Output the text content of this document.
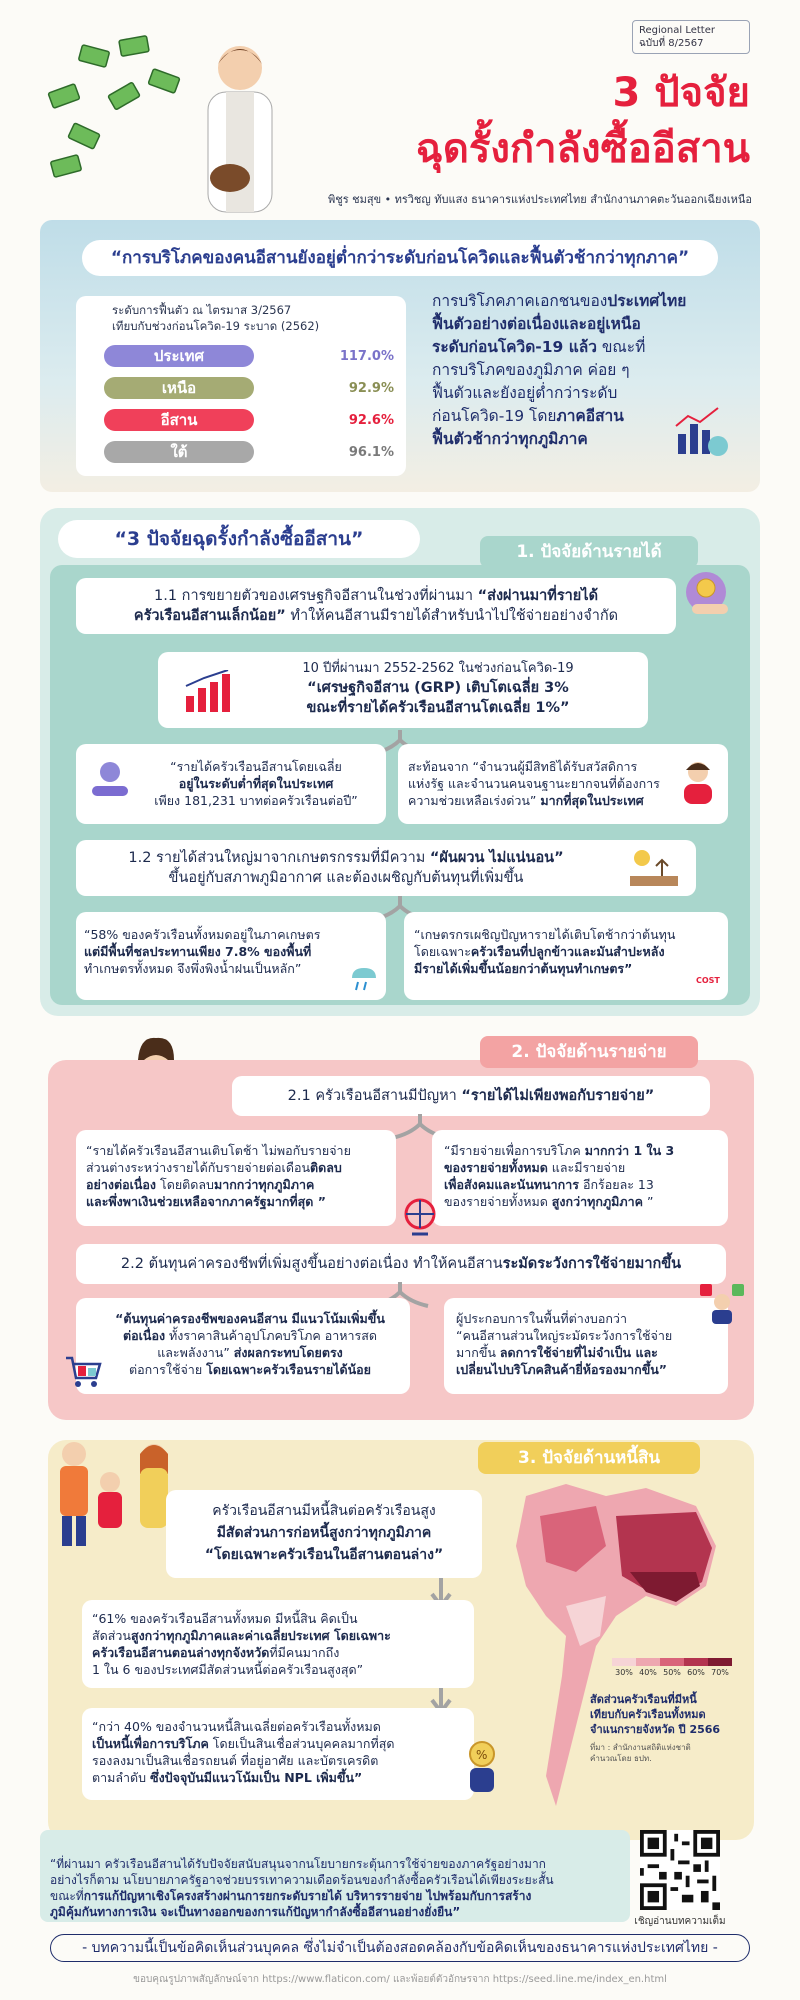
Regional Letter
ฉบับที่ 8/2567
3 ปัจจัย
ฉุดรั้งกำลังซื้ออีสาน
พิชูร ชมสุข • ทรวิชญ ทับแสง ธนาคารแห่งประเทศไทย สำนักงานภาคตะวันออกเฉียงเหนือ
“การบริโภคของคนอีสานยังอยู่ต่ำกว่าระดับก่อนโควิดและฟื้นตัวช้ากว่าทุกภาค”
ระดับการฟื้นตัว ณ ไตรมาส 3/2567
เทียบกับช่วงก่อนโควิด-19 ระบาด (2562)
ประเทศ	117.0%
เหนือ	92.9%
อีสาน	92.6%
ใต้	96.1%
การบริโภคภาคเอกชนของประเทศไทย
ฟื้นตัวอย่างต่อเนื่องและอยู่เหนือ
ระดับก่อนโควิด-19 แล้ว ขณะที่
การบริโภคของภูมิภาค ค่อย ๆ
ฟื้นตัวและยังอยู่ต่ำกว่าระดับ
ก่อนโควิด-19 โดยภาคอีสาน
ฟื้นตัวช้ากว่าทุกภูมิภาค
“3 ปัจจัยฉุดรั้งกำลังซื้ออีสาน”
1. ปัจจัยด้านรายได้
1.1 การขยายตัวของเศรษฐกิจอีสานในช่วงที่ผ่านมา “ส่งผ่านมาที่รายได้
ครัวเรือนอีสานเล็กน้อย” ทำให้คนอีสานมีรายได้สำหรับนำไปใช้จ่ายอย่างจำกัด
10 ปีที่ผ่านมา 2552-2562 ในช่วงก่อนโควิด-19
“เศรษฐกิจอีสาน (GRP) เติบโตเฉลี่ย 3%
ขณะที่รายได้ครัวเรือนอีสานโตเฉลี่ย 1%”
“รายได้ครัวเรือนอีสานโดยเฉลี่ย
อยู่ในระดับต่ำที่สุดในประเทศ
เพียง 181,231 บาทต่อครัวเรือนต่อปี”
สะท้อนจาก “จำนวนผู้มีสิทธิได้รับสวัสดิการ
แห่งรัฐ และจำนวนคนจนฐานะยากจนที่ต้องการ
ความช่วยเหลือเร่งด่วน” มากที่สุดในประเทศ
1.2 รายได้ส่วนใหญ่มาจากเกษตรกรรมที่มีความ “ผันผวน ไม่แน่นอน”
ขึ้นอยู่กับสภาพภูมิอากาศ และต้องเผชิญกับต้นทุนที่เพิ่มขึ้น
“58% ของครัวเรือนทั้งหมดอยู่ในภาคเกษตร
แต่มีพื้นที่ชลประทานเพียง 7.8% ของพื้นที่
ทำเกษตรทั้งหมด จึงพึ่งพิงน้ำฝนเป็นหลัก”
“เกษตรกรเผชิญปัญหารายได้เติบโตช้ากว่าต้นทุน
โดยเฉพาะครัวเรือนที่ปลูกข้าวและมันสำปะหลัง
มีรายได้เพิ่มขึ้นน้อยกว่าต้นทุนทำเกษตร”
COST
2. ปัจจัยด้านรายจ่าย
2.1 ครัวเรือนอีสานมีปัญหา “รายได้ไม่เพียงพอกับรายจ่าย”
“รายได้ครัวเรือนอีสานเติบโตช้า ไม่พอกับรายจ่าย
ส่วนต่างระหว่างรายได้กับรายจ่ายต่อเดือนติดลบ
อย่างต่อเนื่อง โดยติดลบมากกว่าทุกภูมิภาค
และพึ่งพาเงินช่วยเหลือจากภาครัฐมากที่สุด ”
“มีรายจ่ายเพื่อการบริโภค มากกว่า 1 ใน 3
ของรายจ่ายทั้งหมด และมีรายจ่าย
เพื่อสังคมและนันทนาการ อีกร้อยละ 13
ของรายจ่ายทั้งหมด สูงกว่าทุกภูมิภาค ”
2.2 ต้นทุนค่าครองชีพที่เพิ่มสูงขึ้นอย่างต่อเนื่อง ทำให้คนอีสานระมัดระวังการใช้จ่ายมากขึ้น
“ต้นทุนค่าครองชีพของคนอีสาน มีแนวโน้มเพิ่มขึ้น
ต่อเนื่อง ทั้งราคาสินค้าอุปโภคบริโภค อาหารสด
และพลังงาน” ส่งผลกระทบโดยตรง
ต่อการใช้จ่าย โดยเฉพาะครัวเรือนรายได้น้อย
ผู้ประกอบการในพื้นที่ต่างบอกว่า
“คนอีสานส่วนใหญ่ระมัดระวังการใช้จ่าย
มากขึ้น ลดการใช้จ่ายที่ไม่จำเป็น และ
เปลี่ยนไปบริโภคสินค้ายี่ห้อรองมากขึ้น”
3. ปัจจัยด้านหนี้สิน
ครัวเรือนอีสานมีหนี้สินต่อครัวเรือนสูง
มีสัดส่วนการก่อหนี้สูงกว่าทุกภูมิภาค
“โดยเฉพาะครัวเรือนในอีสานตอนล่าง”
“61% ของครัวเรือนอีสานทั้งหมด มีหนี้สิน คิดเป็น
สัดส่วนสูงกว่าทุกภูมิภาคและค่าเฉลี่ยประเทศ โดยเฉพาะ
ครัวเรือนอีสานตอนล่างทุกจังหวัดที่มีคนมากถึง
1 ใน 6 ของประเทศมีสัดส่วนหนี้ต่อครัวเรือนสูงสุด”
“กว่า 40% ของจำนวนหนี้สินเฉลี่ยต่อครัวเรือนทั้งหมด
เป็นหนี้เพื่อการบริโภค โดยเป็นสินเชื่อส่วนบุคคลมากที่สุด
รองลงมาเป็นสินเชื่อรถยนต์ ที่อยู่อาศัย และบัตรเครดิต
ตามลำดับ ซึ่งปัจจุบันมีแนวโน้มเป็น NPL เพิ่มขึ้น”
%
30% 40% 50% 60% 70%
สัดส่วนครัวเรือนที่มีหนี้
เทียบกับครัวเรือนทั้งหมด
จำแนกรายจังหวัด ปี 2566
ที่มา : สำนักงานสถิติแห่งชาติ
คำนวณโดย ธปท.
“ที่ผ่านมา ครัวเรือนอีสานได้รับปัจจัยสนับสนุนจากนโยบายกระตุ้นการใช้จ่ายของภาครัฐอย่างมาก
อย่างไรก็ตาม นโยบายภาครัฐอาจช่วยบรรเทาความเดือดร้อนของกำลังซื้อครัวเรือนได้เพียงระยะสั้น
ขณะที่การแก้ปัญหาเชิงโครงสร้างผ่านการยกระดับรายได้ บริหารรายจ่าย ไปพร้อมกับการสร้าง
ภูมิคุ้มกันทางการเงิน จะเป็นทางออกของการแก้ปัญหากำลังซื้ออีสานอย่างยั่งยืน”
เชิญอ่านบทความเต็ม
- บทความนี้เป็นข้อคิดเห็นส่วนบุคคล ซึ่งไม่จำเป็นต้องสอดคล้องกับข้อคิดเห็นของธนาคารแห่งประเทศไทย -
ขอบคุณรูปภาพสัญลักษณ์จาก https://www.flaticon.com/ และพ้อยต์ตัวอักษรจาก https://seed.line.me/index_en.html
